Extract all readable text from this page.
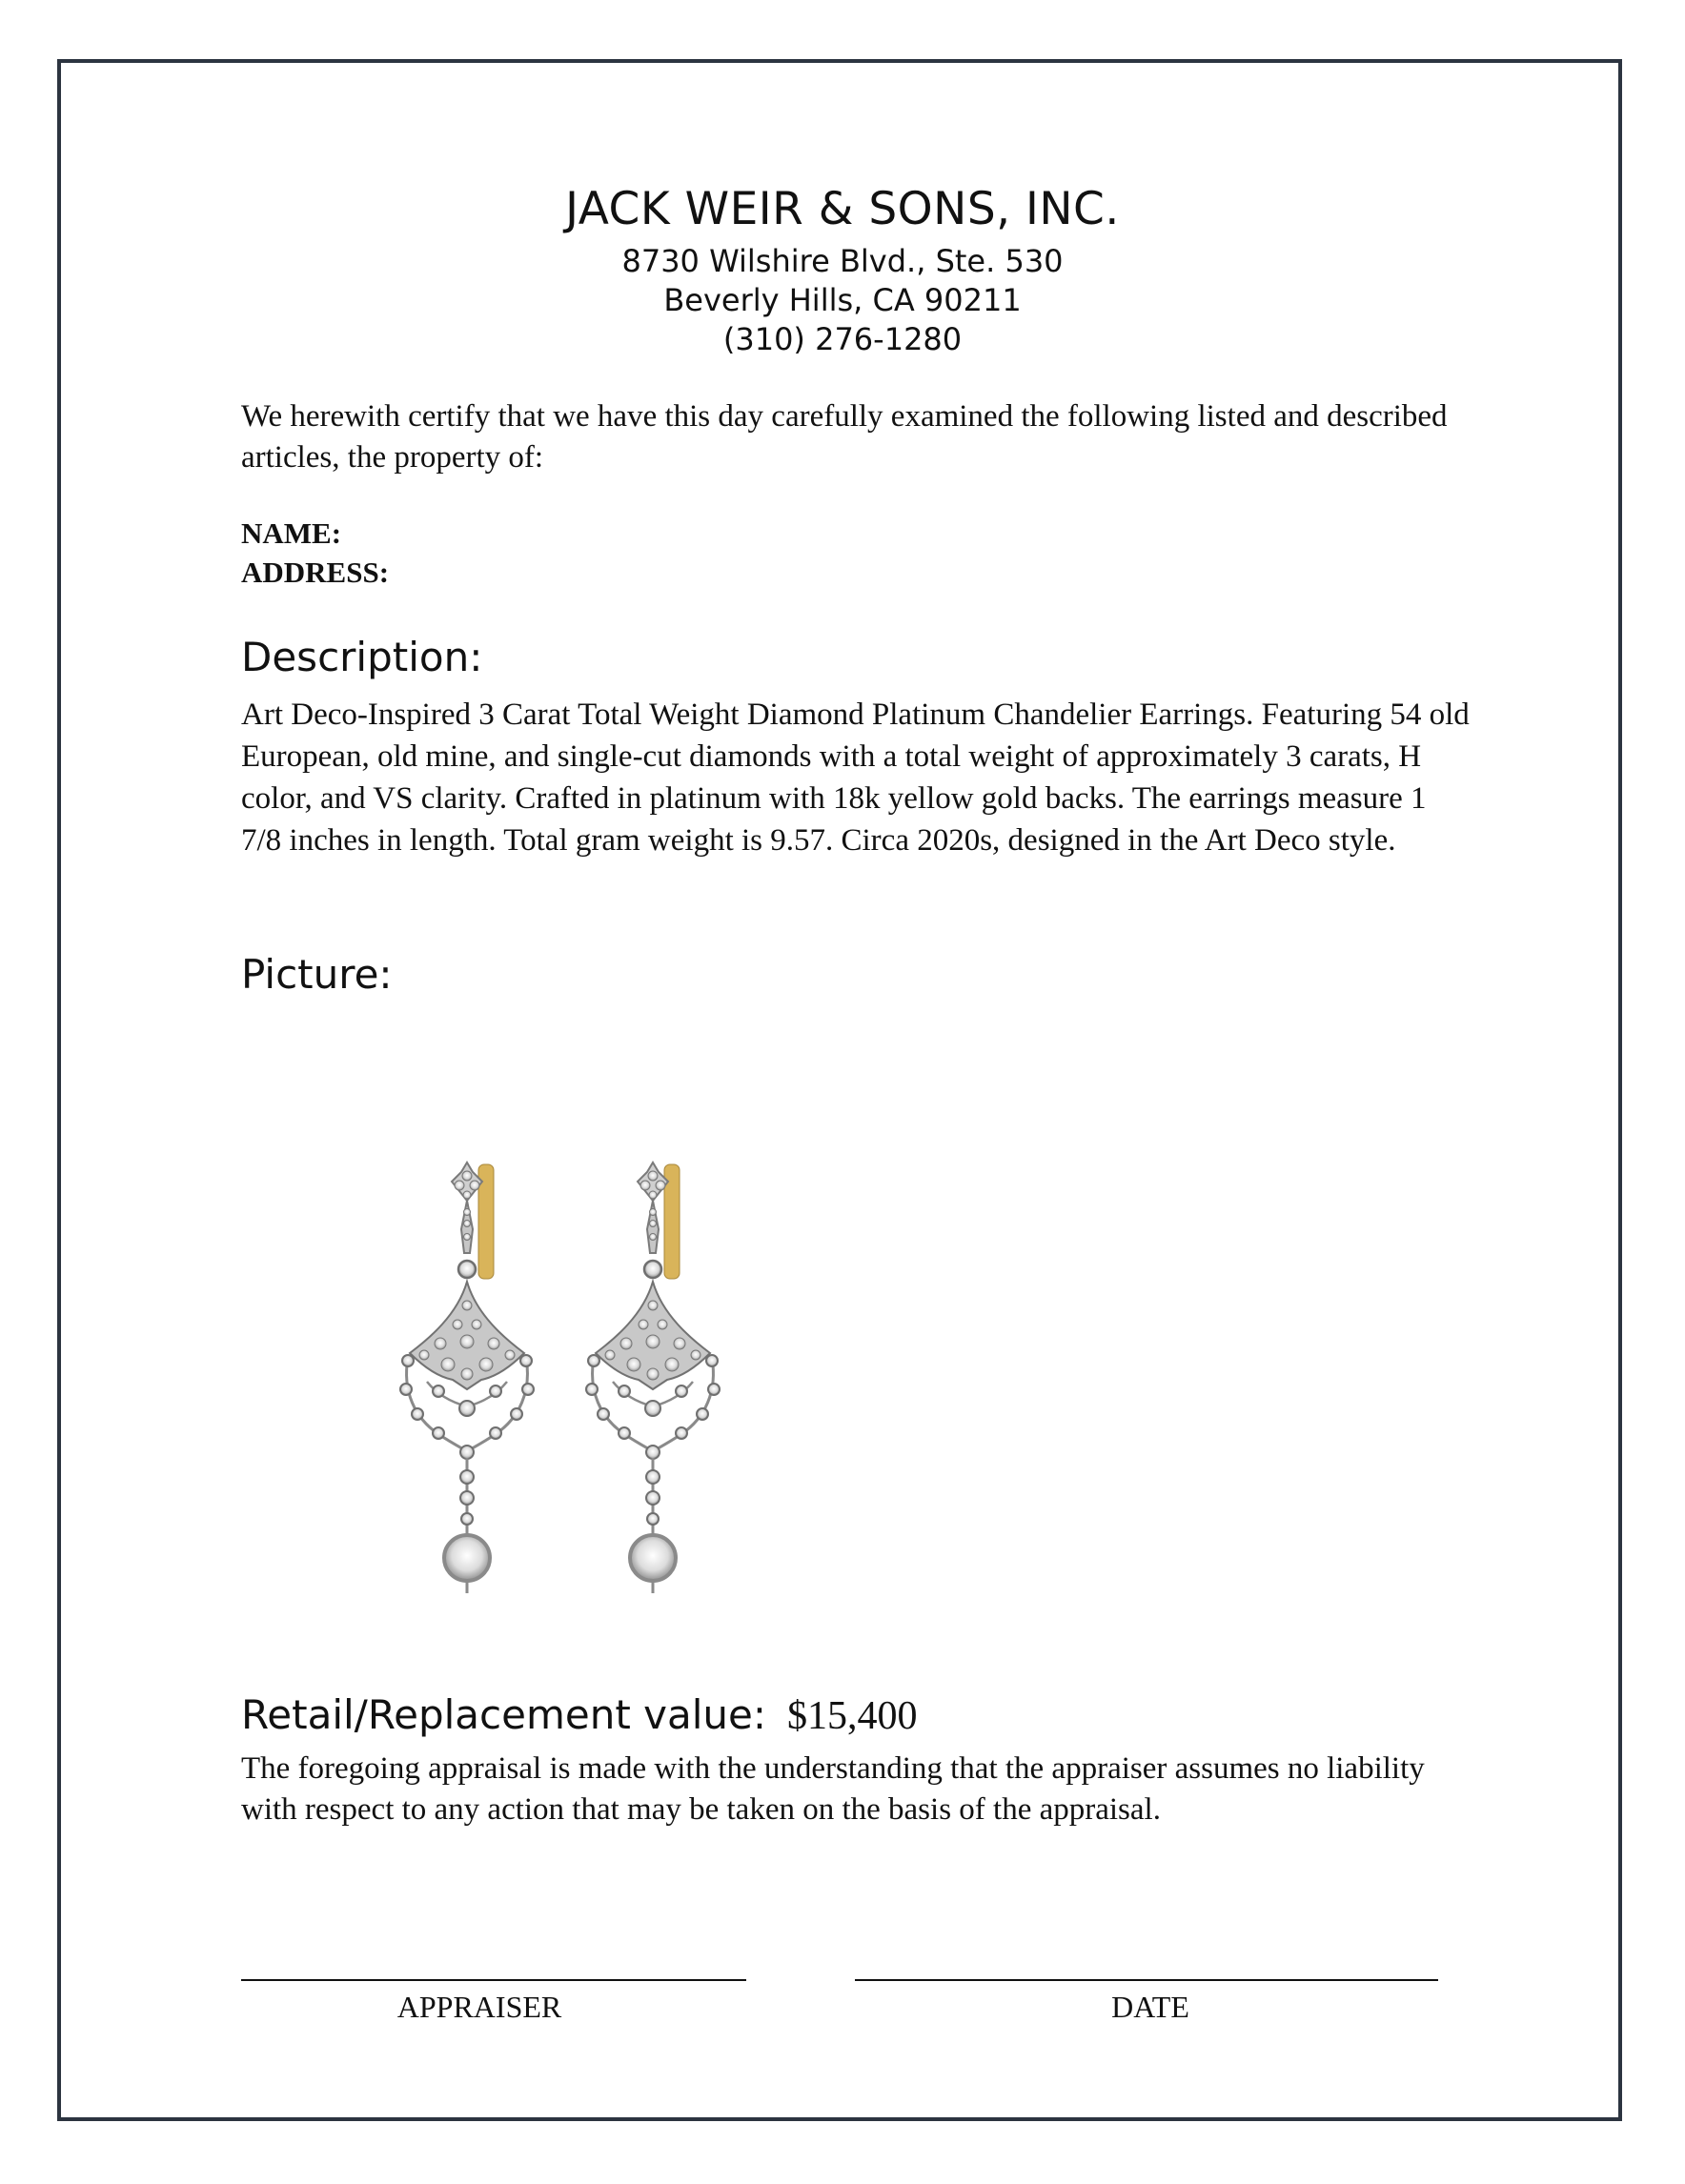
JACK WEIR & SONS, INC.
8730 Wilshire Blvd., Ste. 530
Beverly Hills, CA 90211
(310) 276-1280
We herewith certify that we have this day carefully examined the following listed and described articles, the property of:
NAME:
ADDRESS:
Description:
Art Deco-Inspired 3 Carat Total Weight Diamond Platinum Chandelier Earrings. Featuring 54 old European, old mine, and single-cut diamonds with a total weight of approximately 3 carats, H color, and VS clarity. Crafted in platinum with 18k yellow gold backs. The earrings measure 1 7/8 inches in length. Total gram weight is 9.57. Circa 2020s, designed in the Art Deco style.
Picture:
Retail/Replacement value: $15,400
The foregoing appraisal is made with the understanding that the appraiser assumes no liability with respect to any action that may be taken on the basis of the appraisal.
APPRAISER	DATE
